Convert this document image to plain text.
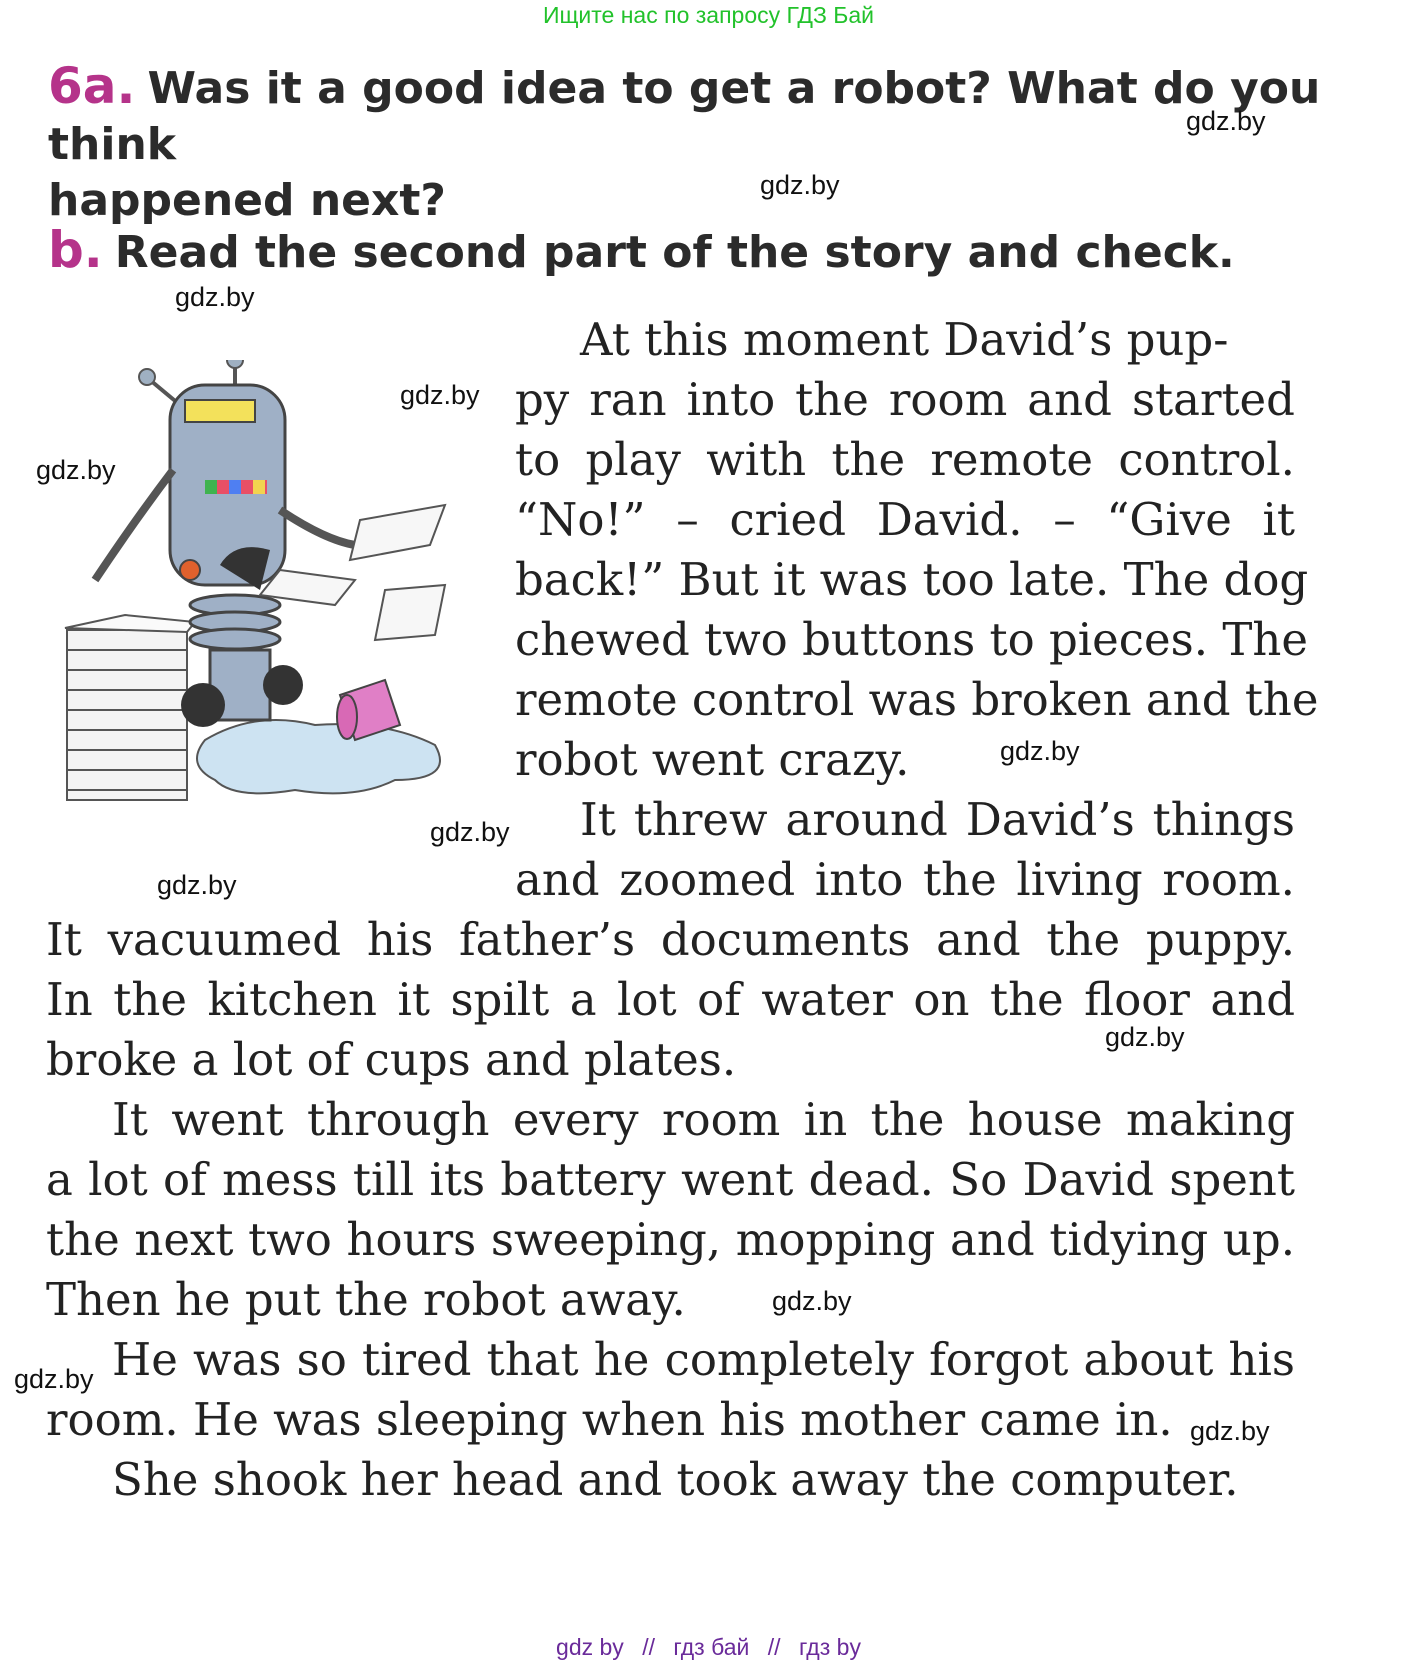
Ищите нас по запросу ГДЗ Бай
6a. Was it a good idea to get a robot? What do you think
happened next?
b. Read the second part of the story and check.
gdz.by
gdz.by
gdz.by
gdz.by
gdz.by
gdz.by
gdz.by
gdz.by
gdz.by
gdz.by
gdz.by
gdz.by
At this moment David’s pup-
py ran into the room and started
to play with the remote control.
“No!” – cried David. – “Give it
back!” But it was too late. The dog
chewed two buttons to pieces. The
remote control was broken and the
robot went crazy.
It threw around David’s things
and zoomed into the living room.
It vacuumed his father’s documents and the puppy.
In the kitchen it spilt a lot of water on the floor and
broke a lot of cups and plates.
It went through every room in the house making
a lot of mess till its battery went dead. So David spent
the next two hours sweeping, mopping and tidying up.
Then he put the robot away.
He was so tired that he completely forgot about his
room. He was sleeping when his mother came in.
She shook her head and took away the computer.
gdz by // гдз бай // гдз by
